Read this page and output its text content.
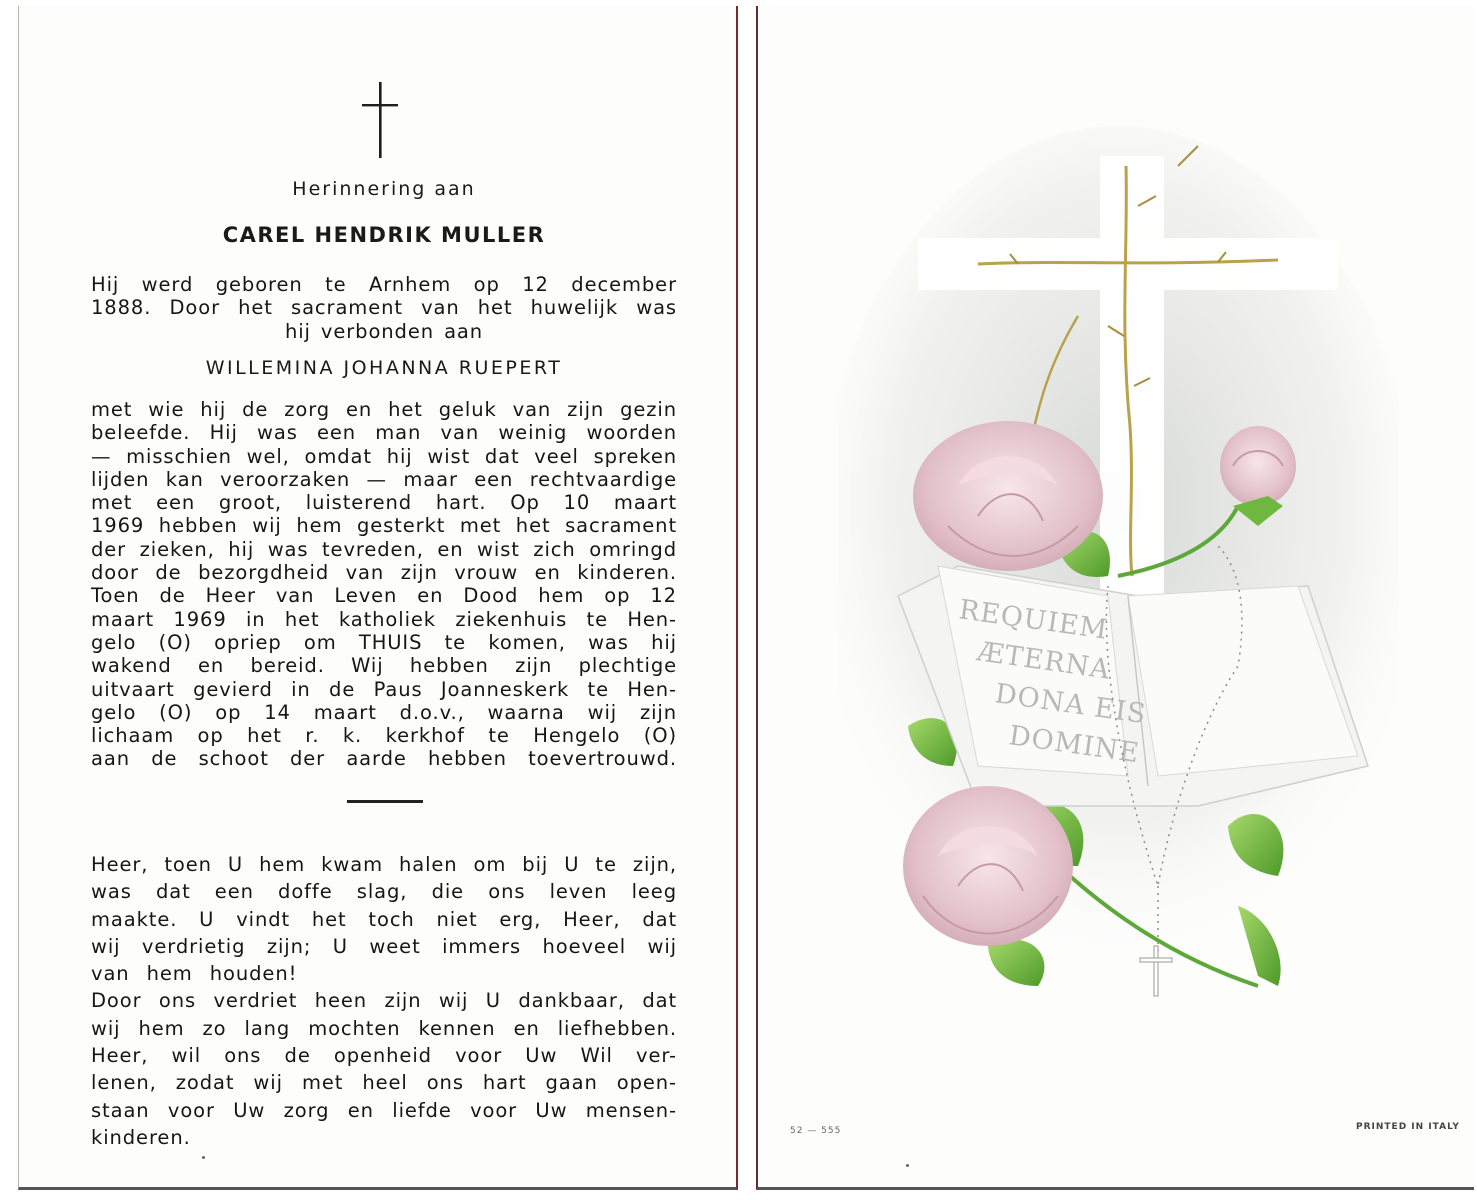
Herinnering aan

CAREL HENDRIK MULLER

Hij werd geboren te Arnhem op 12 december
1888. Door het sacrament van het huwelijk was
hij verbonden aan

WILLEMINA JOHANNA RUEPERT

met wie hij de zorg en het geluk van zijn gezin
beleefde. Hij was een man van weinig woorden
— misschien wel, omdat hij wist dat veel spreken
lijden kan veroorzaken — maar een rechtvaardige
met een groot, luisterend hart. Op 10 maart
1969 hebben wij hem gesterkt met het sacrament
der zieken, hij was tevreden, en wist zich omringd
door de bezorgdheid van zijn vrouw en kinderen.
Toen de Heer van Leven en Dood hem op 12
maart 1969 in het katholiek ziekenhuis te Hen-
gelo (O) opriep om THUIS te komen, was hij
wakend en bereid. Wij hebben zijn plechtige
uitvaart gevierd in de Paus Joanneskerk te Hen-
gelo (O) op 14 maart d.o.v., waarna wij zijn
lichaam op het r. k. kerkhof te Hengelo (O)
aan de schoot der aarde hebben toevertrouwd.
Heer, toen U hem kwam halen om bij U te zijn,
was dat een doffe slag, die ons leven leeg
maakte. U vindt het toch niet erg, Heer, dat
wij verdrietig zijn; U weet immers hoeveel wij
van hem houden!
Door ons verdriet heen zijn wij U dankbaar, dat
wij hem zo lang mochten kennen en liefhebben.
Heer, wil ons de openheid voor Uw Wil ver-
lenen, zodat wij met heel ons hart gaan open-
staan voor Uw zorg en liefde voor Uw mensen-
kinderen.
REQUIEM
ÆTERNA
DONA EIS
DOMINE
52 — 555	PRINTED IN ITALY
